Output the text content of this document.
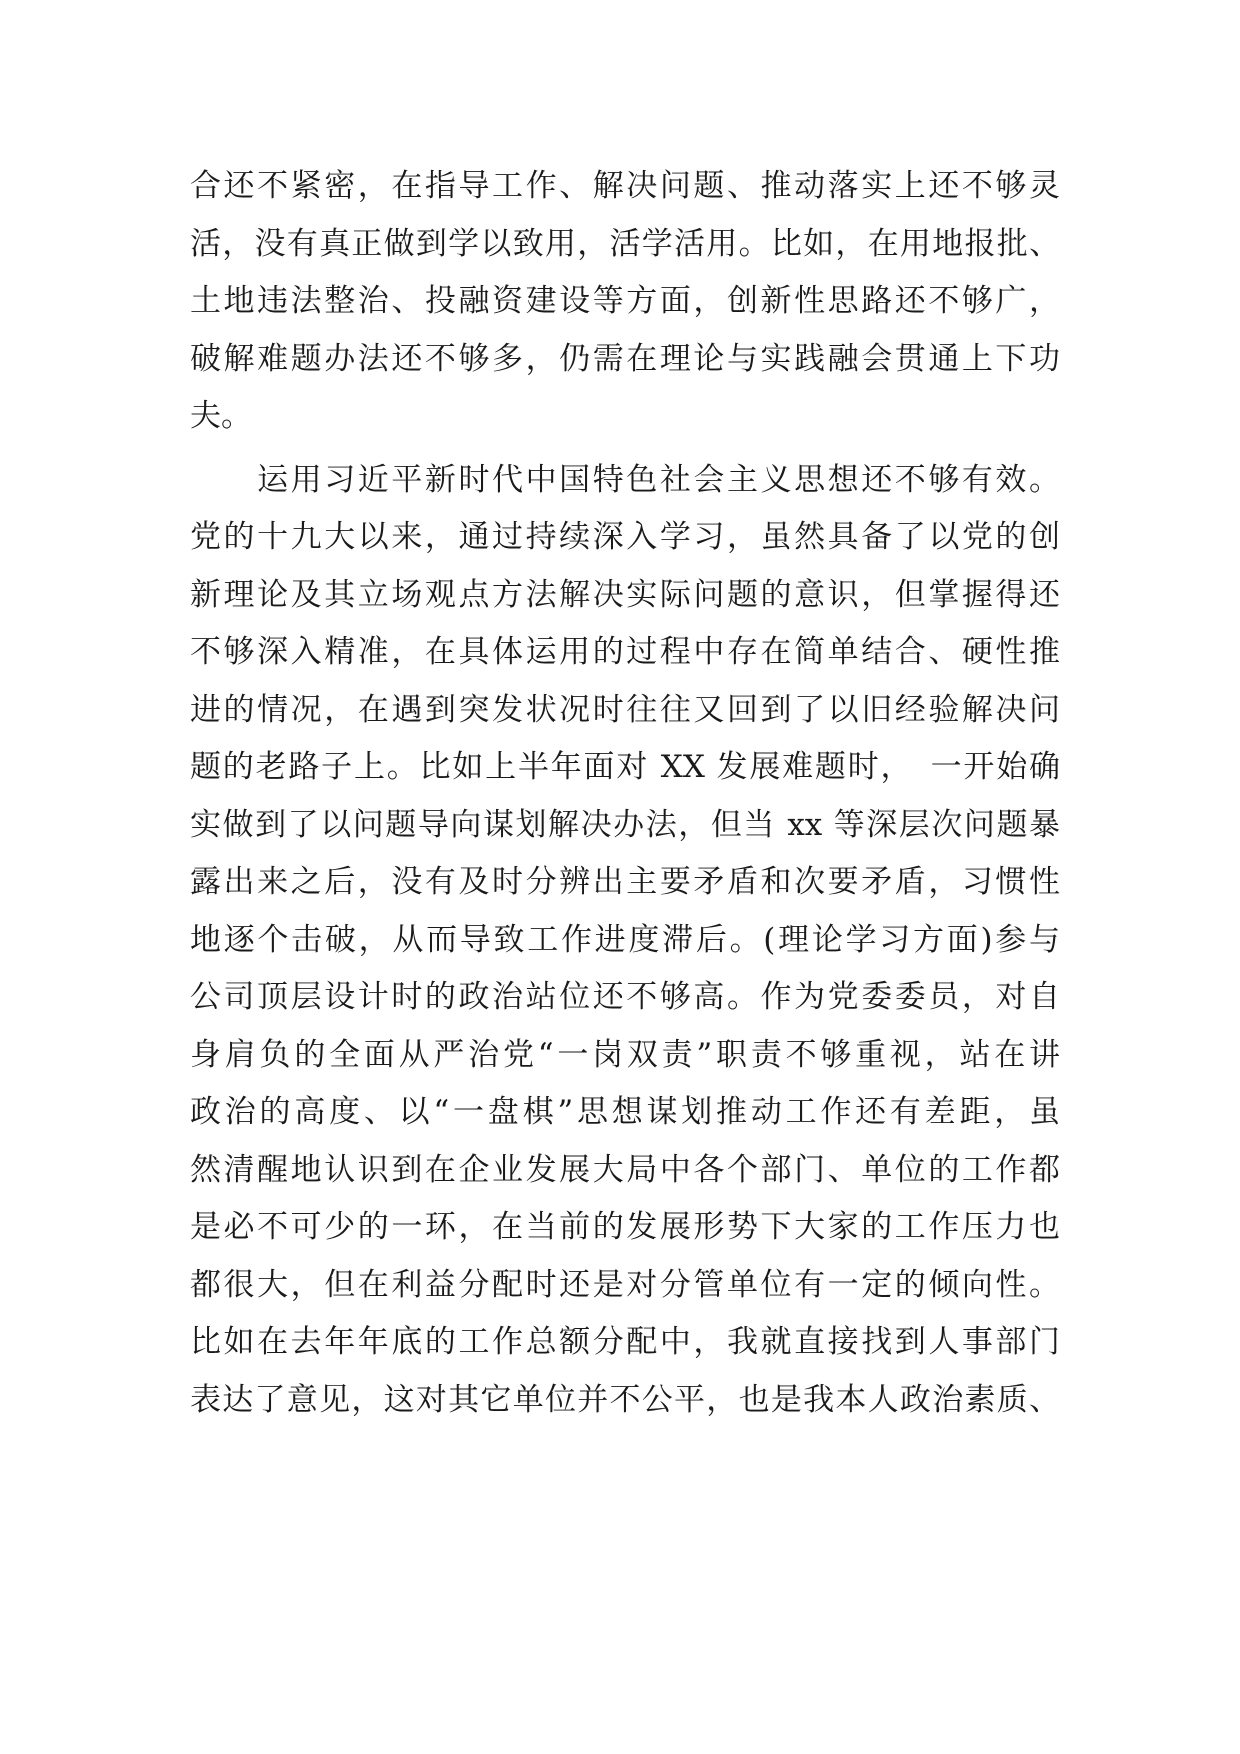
合还不紧密，在指导工作、解决问题、推动落实上还不够灵
活，没有真正做到学以致用，活学活用。比如，在用地报批、
土地违法整治、投融资建设等方面，创新性思路还不够广，
破解难题办法还不够多，仍需在理论与实践融会贯通上下功
夫。
　　运用习近平新时代中国特色社会主义思想还不够有效。
党的十九大以来，通过持续深入学习，虽然具备了以党的创
新理论及其立场观点方法解决实际问题的意识，但掌握得还
不够深入精准，在具体运用的过程中存在简单结合、硬性推
进的情况，在遇到突发状况时往往又回到了以旧经验解决问
题的老路子上。比如上半年面对 XX 发展难题时，　一开始确
实做到了以问题导向谋划解决办法，但当 xx 等深层次问题暴
露出来之后，没有及时分辨出主要矛盾和次要矛盾，习惯性
地逐个击破，从而导致工作进度滞后。(理论学习方面)参与
公司顶层设计时的政治站位还不够高。作为党委委员，对自
身肩负的全面从严治党“一岗双责”职责不够重视，站在讲
政治的高度、以“一盘棋”思想谋划推动工作还有差距，虽
然清醒地认识到在企业发展大局中各个部门、单位的工作都
是必不可少的一环，在当前的发展形势下大家的工作压力也
都很大，但在利益分配时还是对分管单位有一定的倾向性。
比如在去年年底的工作总额分配中，我就直接找到人事部门
表达了意见，这对其它单位并不公平，也是我本人政治素质、
